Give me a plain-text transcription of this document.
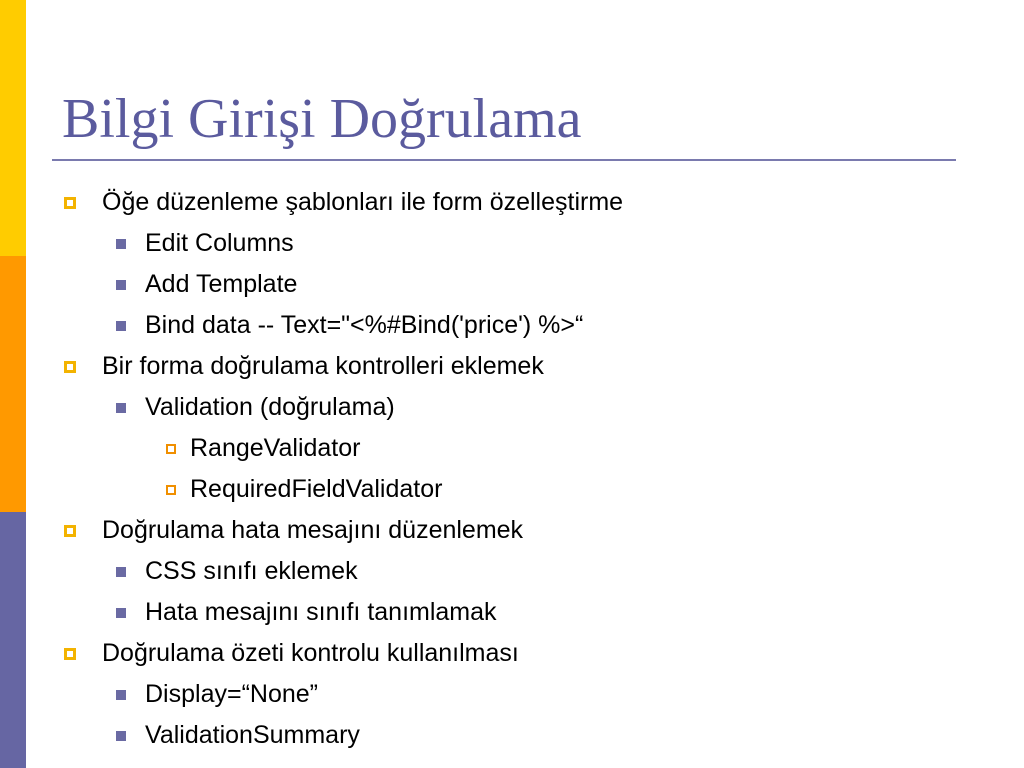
Bilgi Girişi Doğrulama
Öğe düzenleme şablonları ile form özelleştirme
Edit Columns
Add Template
Bind data -- Text="<%#Bind('price') %>“
Bir forma doğrulama kontrolleri eklemek
Validation (doğrulama)
RangeValidator
RequiredFieldValidator
Doğrulama hata mesajını düzenlemek
CSS sınıfı eklemek
Hata mesajını sınıfı tanımlamak
Doğrulama özeti kontrolu kullanılması
Display=“None”
ValidationSummary
